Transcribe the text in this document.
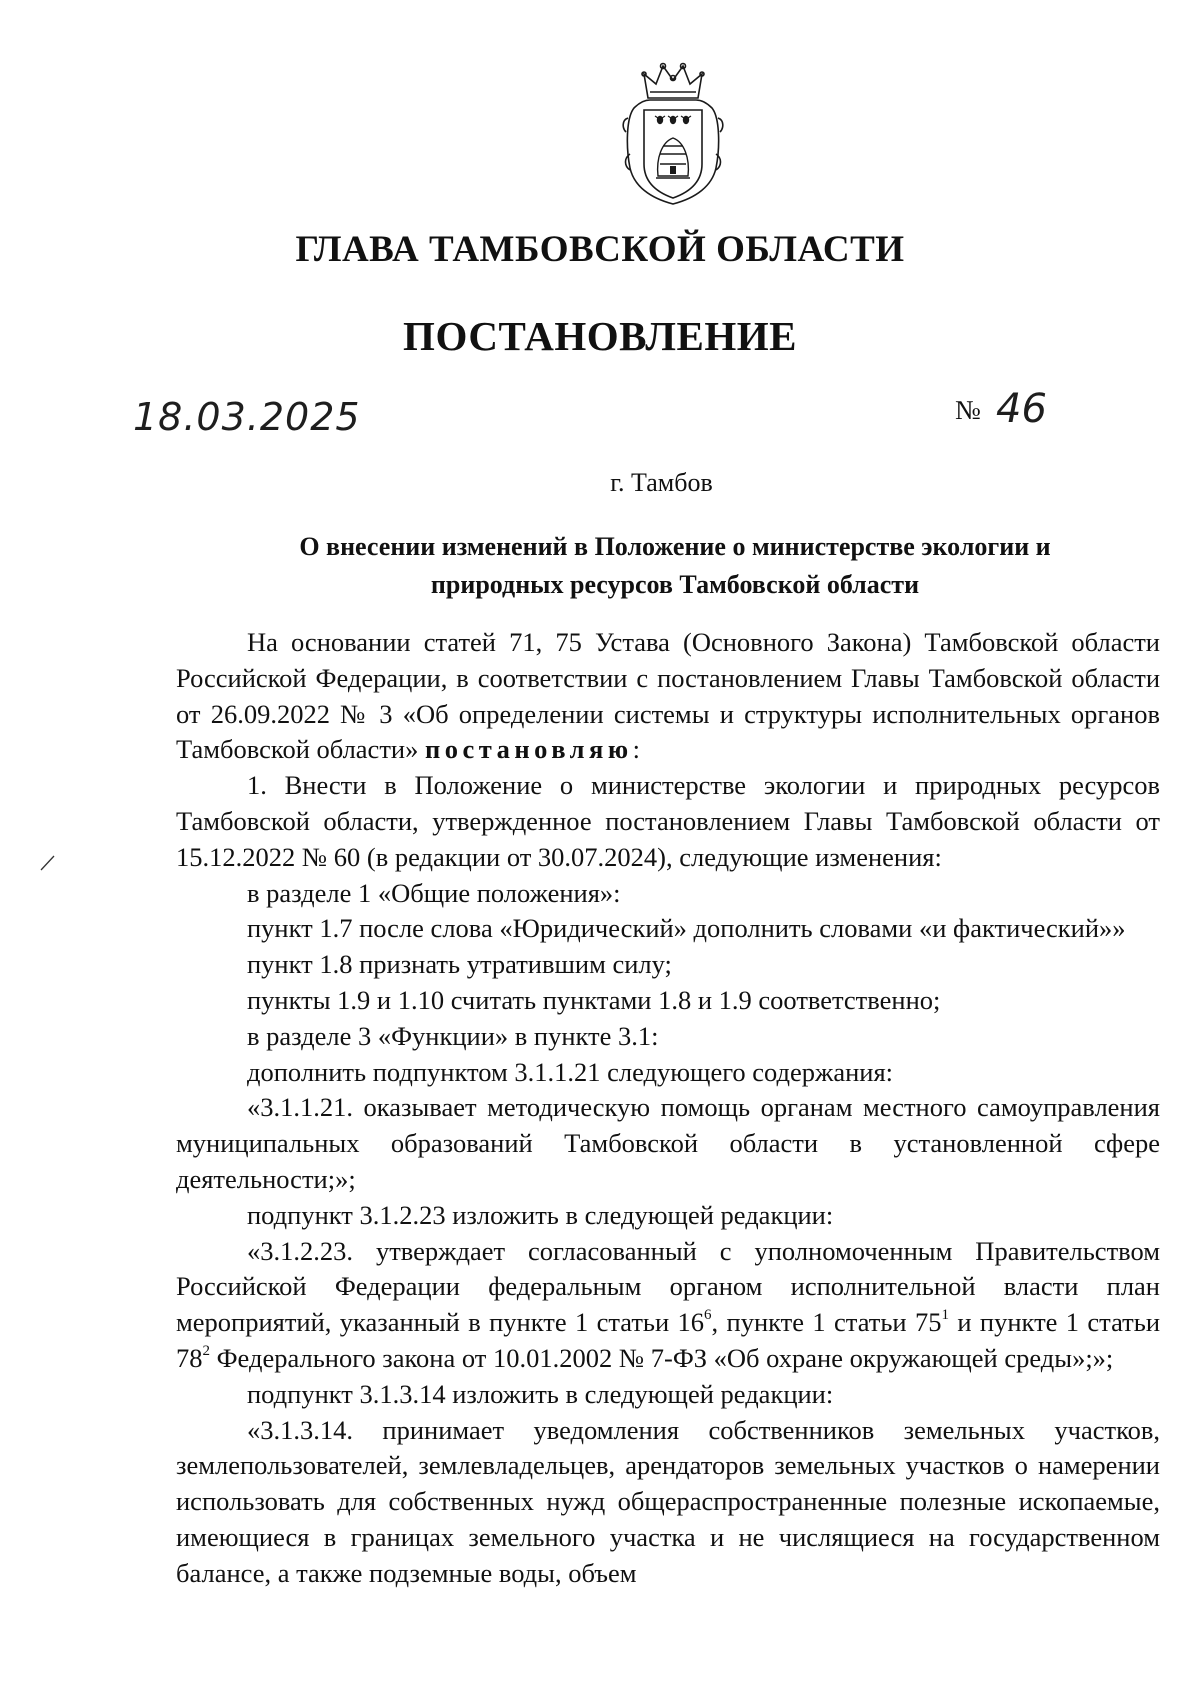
ГЛАВА ТАМБОВСКОЙ ОБЛАСТИ
ПОСТАНОВЛЕНИЕ
18.03.2025	№ 46
г. Тамбов
О внесении изменений в Положение о министерстве экологии и
природных ресурсов Тамбовской области

На основании статей 71, 75 Устава (Основного Закона) Тамбовской области Российской Федерации, в соответствии с постановлением Главы Тамбовской области от 26.09.2022 № 3 «Об определении системы и структуры исполнительных органов Тамбовской области» постановляю:

1. Внести в Положение о министерстве экологии и природных ресурсов Тамбовской области, утвержденное постановлением Главы Тамбовской области от 15.12.2022 № 60 (в редакции от 30.07.2024), следующие изменения:

в разделе 1 «Общие положения»:

пункт 1.7 после слова «Юридический» дополнить словами «и фактический»»

пункт 1.8 признать утратившим силу;

пункты 1.9 и 1.10 считать пунктами 1.8 и 1.9 соответственно;

в разделе 3 «Функции» в пункте 3.1:

дополнить подпунктом 3.1.1.21 следующего содержания:

«3.1.1.21. оказывает методическую помощь органам местного самоуправления муниципальных образований Тамбовской области в установленной сфере деятельности;»;

подпункт 3.1.2.23 изложить в следующей редакции:

«3.1.2.23. утверждает согласованный с уполномоченным Правительством Российской Федерации федеральным органом исполнительной власти план мероприятий, указанный в пункте 1 статьи $16^6$, пункте 1 статьи $75^1$ и пункте 1 статьи $78^2$ Федерального закона от 10.01.2002 № 7-ФЗ «Об охране окружающей среды»;»;

подпункт 3.1.3.14 изложить в следующей редакции:

«3.1.3.14. принимает уведомления собственников земельных участков, землепользователей, землевладельцев, арендаторов земельных участков о намерении использовать для собственных нужд общераспространенные полезные ископаемые, имеющиеся в границах земельного участка и не числящиеся на государственном балансе, а также подземные воды, объем
